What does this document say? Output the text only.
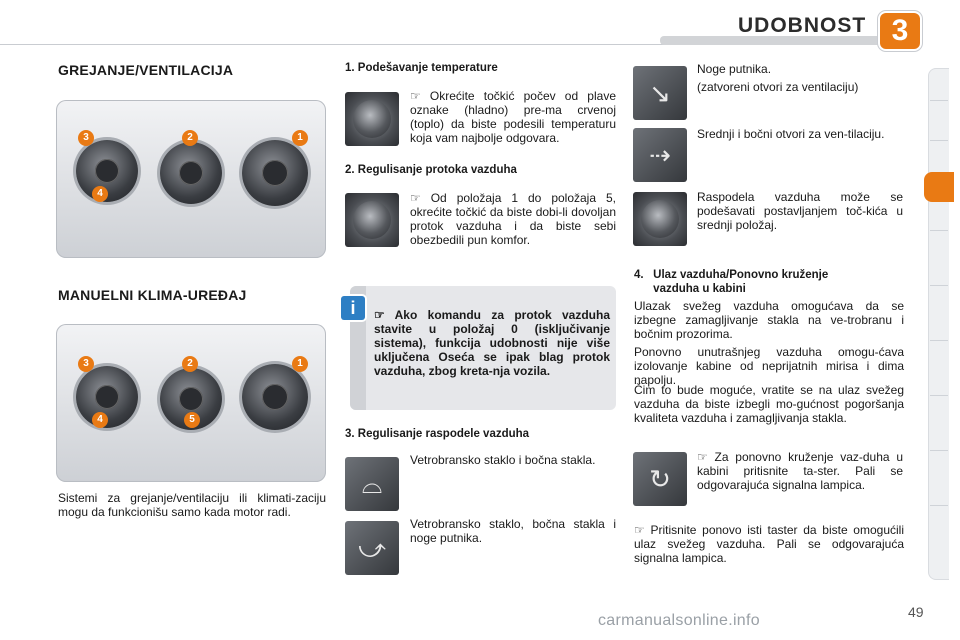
UDOBNOST 3
GREJANJE/VENTILACIJA
3	2	1
4
MANUELNI KLIMA-UREĐAJ
3	2	1
4	5
Sistemi za grejanje/ventilaciju ili klimati-zaciju mogu da funkcionišu samo kada motor radi.
1. Podešavanje temperature
☞ Okrećite točkić počev od plave oznake (hladno) pre-ma crvenoj (toplo) da biste podesili temperaturu koja vam najbolje odgovara.
2. Regulisanje protoka vazduha
☞ Od položaja 1 do položaja 5, okrećite točkić da biste dobi-li dovoljan protok vazduha i da biste sebi obezbedili pun komfor.
i	☞ Ako komandu za protok vazduha stavite u položaj 0 (isključivanje sistema), funkcija udobnosti nije više uključena Oseća se ipak blag protok vazduha, zbog kreta-nja vozila.
3. Regulisanje raspodele vazduha
⌓
Vetrobransko staklo i bočna stakla.
⤻
Vetrobransko staklo, bočna stakla i noge putnika.
↘
Noge putnika.
(zatvoreni otvori za ventilaciju)
⇢
Srednji i bočni otvori za ven-tilaciju.
Raspodela vazduha može se podešavati postavljanjem toč-kića u srednji položaj.
4.   Ulaz vazduha/Ponovno kruženje
vazduha u kabini
Ulazak svežeg vazduha omogućava da se izbegne zamagljivanje stakla na ve-trobranu i bočnim prozorima.
Ponovno unutrašnjeg vazduha omogu-ćava izolovanje kabine od neprijatnih mirisa i dima napolju.
Čim to bude moguće, vratite se na ulaz svežeg vazduha da biste izbegli mo-gućnost pogoršanja kvaliteta vazduha i zamagljivanja stakla.
↻
☞ Za ponovno kruženje vaz-duha u kabini pritisnite ta-ster. Pali se odgovarajuća signalna lampica.
☞ Pritisnite ponovo isti taster da biste omogućili ulaz svežeg vazduha. Pali se odgovarajuća signalna lampica.
carmanualsonline.info	49
